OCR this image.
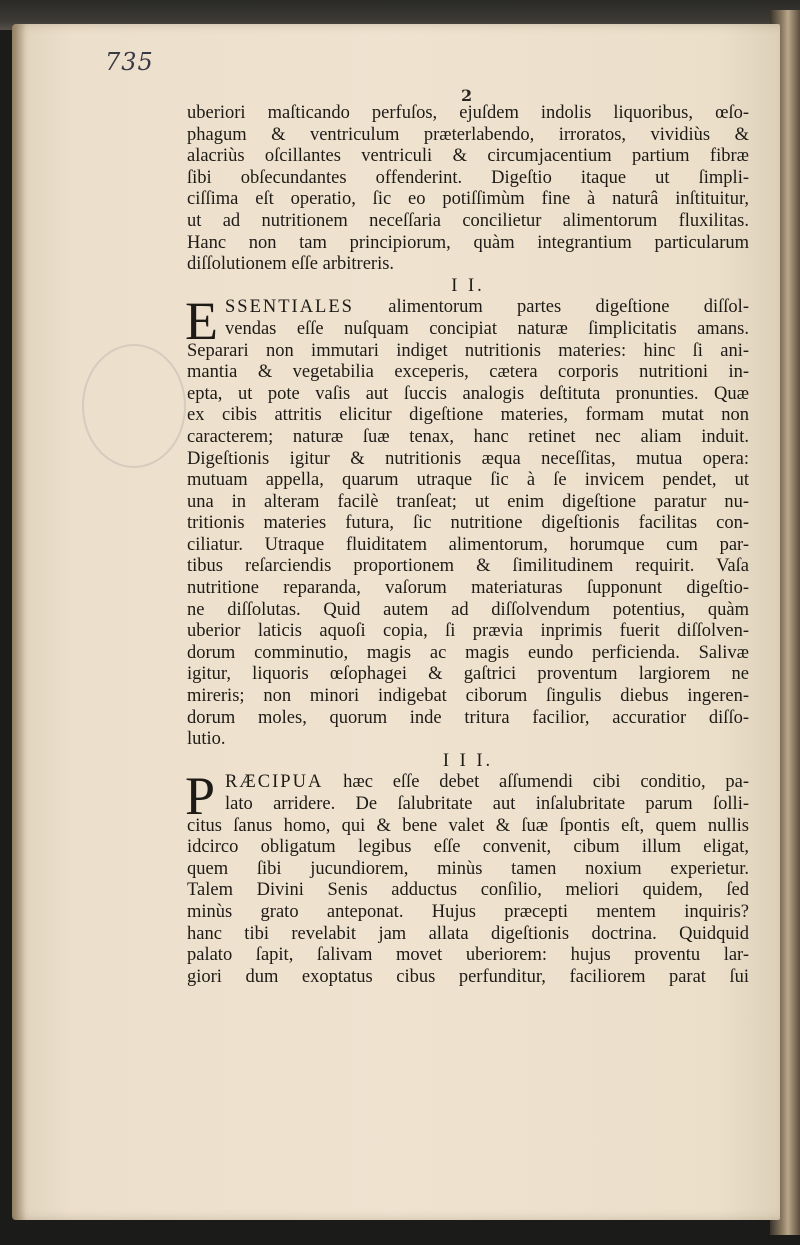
735
2
uberiori maſticando perfuſos, ejuſdem indolis liquoribus, œſo-
phagum & ventriculum præterlabendo, irroratos, vividiùs &
alacriùs oſcillantes ventriculi & circumjacentium partium fibræ
ſibi obſecundantes offenderint. Digeſtio itaque ut ſimpli-
ciſſima eſt operatio, ſic eo potiſſimùm fine à naturâ inſtituitur,
ut ad nutritionem neceſſaria concilietur alimentorum fluxilitas.
Hanc non tam principiorum, quàm integrantium particularum
diſſolutionem eſſe arbitreris.
I I.
E SSENTIALES alimentorum partes digeſtione diſſol-
vendas eſſe nuſquam concipiat naturæ ſimplicitatis amans.
Separari non immutari indiget nutritionis materies: hinc ſi ani-
mantia & vegetabilia exceperis, cætera corporis nutritioni in-
epta, ut pote vaſis aut ſuccis analogis deſtituta pronunties. Quæ
ex cibis attritis elicitur digeſtione materies, formam mutat non
caracterem; naturæ ſuæ tenax, hanc retinet nec aliam induit.
Digeſtionis igitur & nutritionis æqua neceſſitas, mutua opera:
mutuam appella, quarum utraque ſic à ſe invicem pendet, ut
una in alteram facilè tranſeat; ut enim digeſtione paratur nu-
tritionis materies futura, ſic nutritione digeſtionis facilitas con-
ciliatur. Utraque fluiditatem alimentorum, horumque cum par-
tibus reſarciendis proportionem & ſimilitudinem requirit. Vaſa
nutritione reparanda, vaſorum materiaturas ſupponunt digeſtio-
ne diſſolutas. Quid autem ad diſſolvendum potentius, quàm
uberior laticis aquoſi copia, ſi prævia inprimis fuerit diſſolven-
dorum comminutio, magis ac magis eundo perficienda. Salivæ
igitur, liquoris œſophagei & gaſtrici proventum largiorem ne
mireris; non minori indigebat ciborum ſingulis diebus ingeren-
dorum moles, quorum inde tritura facilior, accuratior diſſo-
lutio.
I I I.
P RÆCIPUA hæc eſſe debet aſſumendi cibi conditio, pa-
lato arridere. De ſalubritate aut inſalubritate parum ſolli-
citus ſanus homo, qui & bene valet & ſuæ ſpontis eſt, quem nullis
idcirco obligatum legibus eſſe convenit, cibum illum eligat,
quem ſibi jucundiorem, minùs tamen noxium experietur.
Talem Divini Senis adductus conſilio, meliori quidem, ſed
minùs grato anteponat. Hujus præcepti mentem inquiris?
hanc tibi revelabit jam allata digeſtionis doctrina. Quidquid
palato ſapit, ſalivam movet uberiorem: hujus proventu lar-
giori dum exoptatus cibus perfunditur, faciliorem parat ſui
